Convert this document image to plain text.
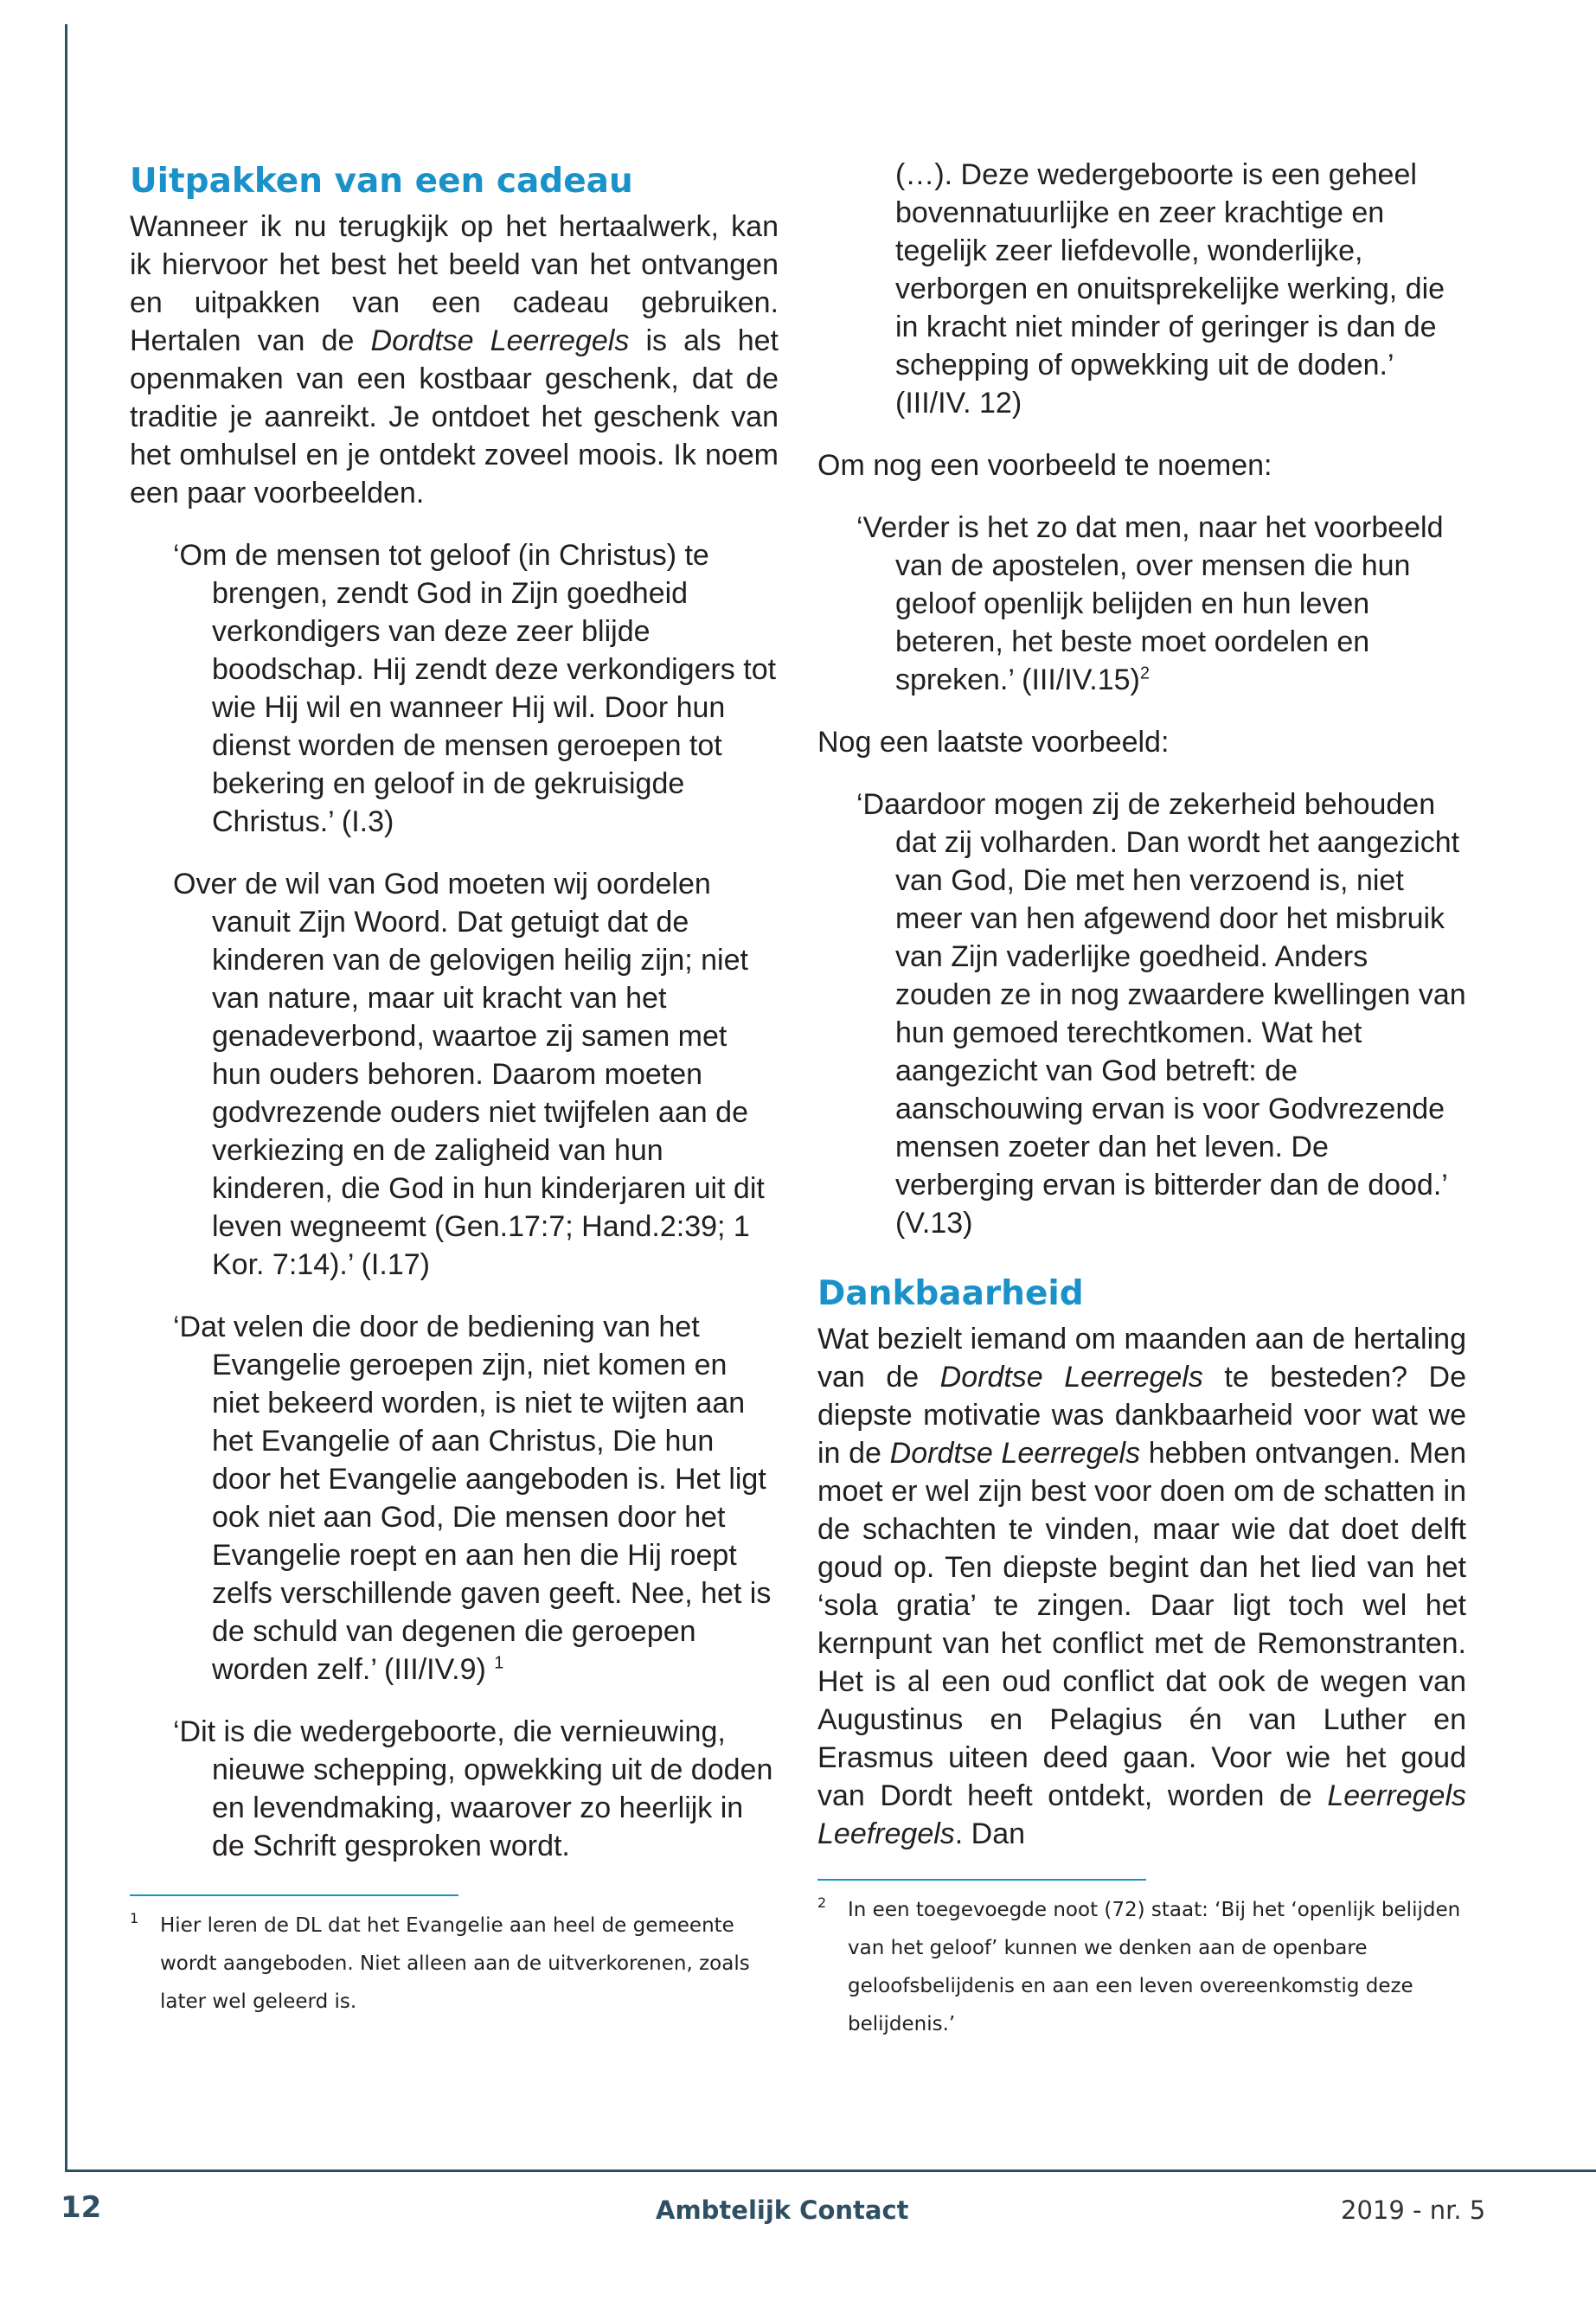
Uitpakken van een cadeau

Wanneer ik nu terugkijk op het hertaalwerk, kan ik hiervoor het best het beeld van het ontvangen en uitpakken van een cadeau gebruiken. Hertalen van de Dordtse Leerregels is als het openmaken van een kostbaar geschenk, dat de traditie je aanreikt. Je ontdoet het geschenk van het omhulsel en je ontdekt zoveel moois. Ik noem een paar voorbeelden.

‘Om de mensen tot geloof (in Christus) te brengen, zendt God in Zijn goedheid verkondigers van deze zeer blijde boodschap. Hij zendt deze verkondigers tot wie Hij wil en wanneer Hij wil. Door hun dienst worden de mensen geroepen tot bekering en geloof in de gekruisigde Christus.’ (I.3)

Over de wil van God moeten wij oordelen vanuit Zijn Woord. Dat getuigt dat de kinderen van de gelovigen heilig zijn; niet van nature, maar uit kracht van het genadeverbond, waartoe zij samen met hun ouders behoren. Daarom moeten godvrezende ouders niet twijfelen aan de verkiezing en de zaligheid van hun kinderen, die God in hun kinderjaren uit dit leven wegneemt (Gen.17:7; Hand.2:39; 1 Kor. 7:14).’ (I.17)

‘Dat velen die door de bediening van het Evangelie geroepen zijn, niet komen en niet bekeerd worden, is niet te wijten aan het Evangelie of aan Christus, Die hun door het Evangelie aangeboden is. Het ligt ook niet aan God, Die mensen door het Evangelie roept en aan hen die Hij roept zelfs verschillende gaven geeft. Nee, het is de schuld van degenen die geroepen worden zelf.’ (III/IV.9) $^1$

‘Dit is die wedergeboorte, die vernieuwing, nieuwe schepping, opwekking uit de doden en levendmaking, waarover zo heerlijk in de Schrift gesproken wordt.

1 Hier leren de DL dat het Evangelie aan heel de gemeente wordt aangeboden. Niet alleen aan de uitverkorenen, zoals later wel geleerd is.

(…). Deze wedergeboorte is een geheel bovennatuurlijke en zeer krachtige en tegelijk zeer liefdevolle, wonderlijke, verborgen en onuitsprekelijke werking, die in kracht niet minder of geringer is dan de schepping of opwekking uit de doden.’ (III/IV. 12)

Om nog een voorbeeld te noemen:

‘Verder is het zo dat men, naar het voorbeeld van de apostelen, over mensen die hun geloof openlijk belijden en hun leven beteren, het beste moet oordelen en spreken.’ $(III/IV.15)^2$

Nog een laatste voorbeeld:

‘Daardoor mogen zij de zekerheid behouden dat zij volharden. Dan wordt het aangezicht van God, Die met hen verzoend is, niet meer van hen afgewend door het misbruik van Zijn vaderlijke goedheid. Anders zouden ze in nog zwaardere kwellingen van hun gemoed terechtkomen. Wat het aangezicht van God betreft: de aanschouwing ervan is voor Godvrezende mensen zoeter dan het leven. De verberging ervan is bitterder dan de dood.’ (V.13)

Dankbaarheid

Wat bezielt iemand om maanden aan de hertaling van de Dordtse Leerregels te besteden? De diepste motivatie was dankbaarheid voor wat we in de Dordtse Leerregels hebben ontvangen. Men moet er wel zijn best voor doen om de schatten in de schachten te vinden, maar wie dat doet delft goud op. Ten diepste begint dan het lied van het ‘sola gratia’ te zingen. Daar ligt toch wel het kernpunt van het conflict met de Remonstranten. Het is al een oud conflict dat ook de wegen van Augustinus en Pelagius én van Luther en Erasmus uiteen deed gaan. Voor wie het goud van Dordt heeft ontdekt, worden de Leerregels Leefregels. Dan

2 In een toegevoegde noot (72) staat: ‘Bij het ‘openlijk belijden van het geloof’ kunnen we denken aan de openbare geloofsbelijdenis en aan een leven overeenkomstig deze belijdenis.’
12	Ambtelijk Contact	2019 - nr. 5
